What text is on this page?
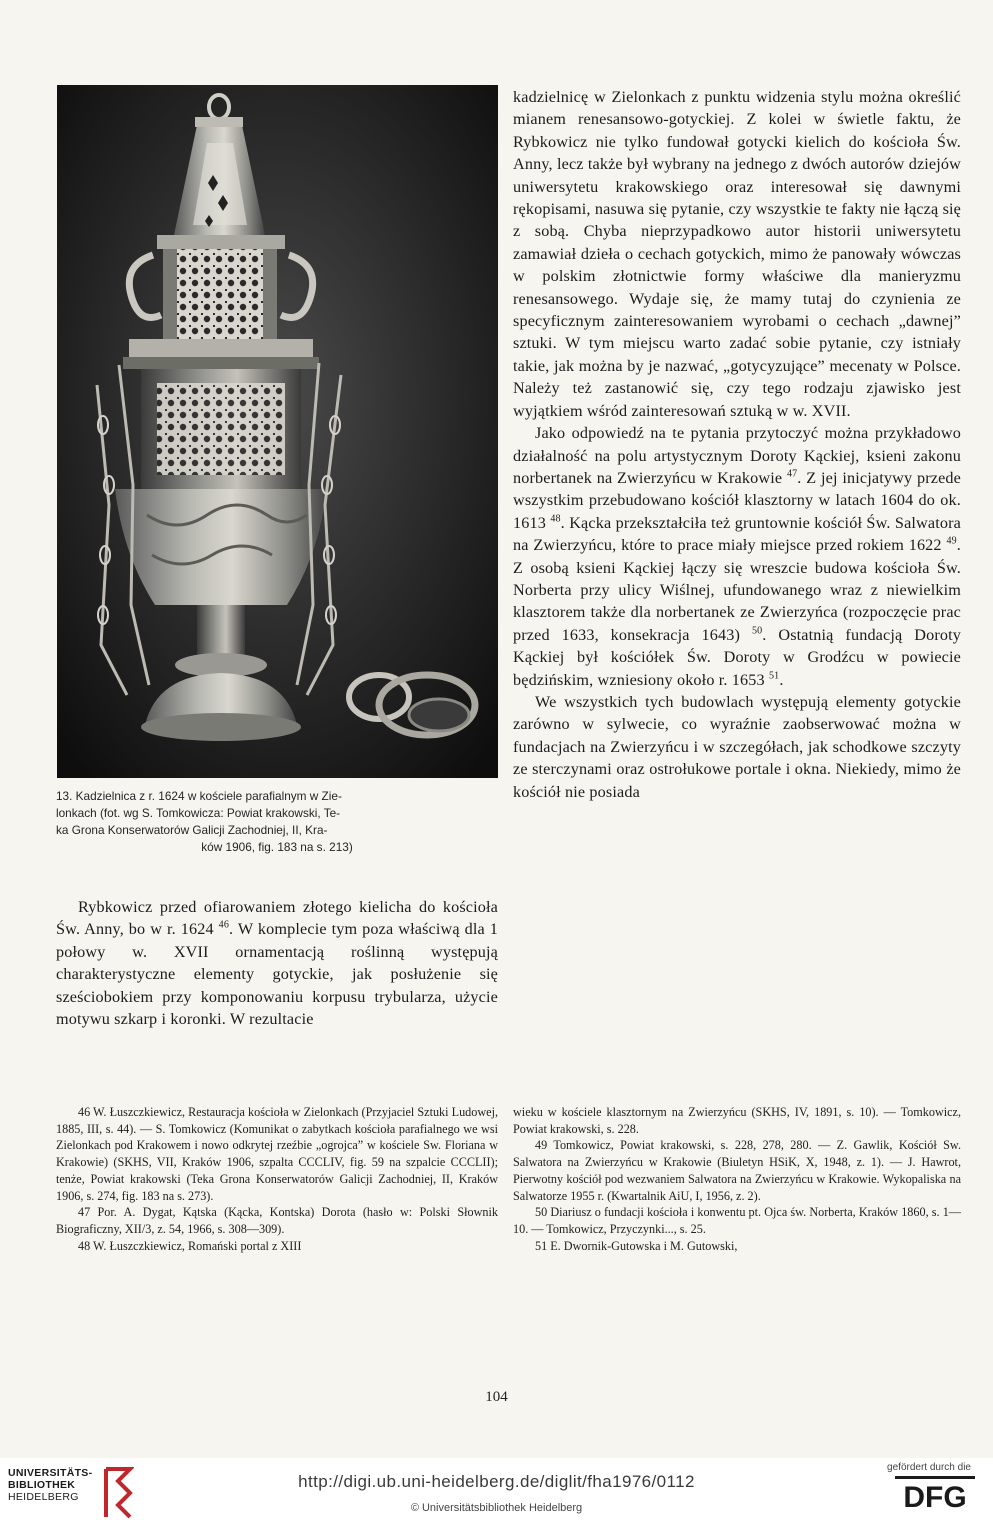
13. Kadzielnica z r. 1624 w kościele parafialnym w Zie-
lonkach (fot. wg S. Tomkowicza: Powiat krakowski, Te-
ka Grona Konserwatorów Galicji Zachodniej, II, Kra-
ków 1906, fig. 183 na s. 213)

Rybkowicz przed ofiarowaniem złotego kielicha do kościoła Św. Anny, bo w r. 1624 $^{46}$. W komplecie tym poza właściwą dla 1 połowy w. XVII ornamentacją roślinną występują charakterystyczne elementy gotyckie, jak posłużenie się sześciobokiem przy komponowaniu korpusu trybularza, użycie motywu szkarp i koronki. W rezultacie

kadzielnicę w Zielonkach z punktu widzenia stylu można określić mianem renesansowo-gotyckiej. Z kolei w świetle faktu, że Rybkowicz nie tylko fundował gotycki kielich do kościoła Św. Anny, lecz także był wybrany na jednego z dwóch autorów dziejów uniwersytetu krakowskiego oraz interesował się dawnymi rękopisami, nasuwa się pytanie, czy wszystkie te fakty nie łączą się z sobą. Chyba nieprzypadkowo autor historii uniwersytetu zamawiał dzieła o cechach gotyckich, mimo że panowały wówczas w polskim złotnictwie formy właściwe dla manieryzmu renesansowego. Wydaje się, że mamy tutaj do czynienia ze specyficznym zainteresowaniem wyrobami o cechach „dawnej” sztuki. W tym miejscu warto zadać sobie pytanie, czy istniały takie, jak można by je nazwać, „gotycyzujące” mecenaty w Polsce. Należy też zastanowić się, czy tego rodzaju zjawisko jest wyjątkiem wśród zainteresowań sztuką w w. XVII.

Jako odpowiedź na te pytania przytoczyć można przykładowo działalność na polu artystycznym Doroty Kąckiej, ksieni zakonu norbertanek na Zwierzyńcu w Krakowie $^{47}$. Z jej inicjatywy przede wszystkim przebudowano kościół klasztorny w latach 1604 do ok. 1613 $^{48}$. Kącka przekształciła też gruntownie kościół Św. Salwatora na Zwierzyńcu, które to prace miały miejsce przed rokiem 1622 $^{49}$. Z osobą ksieni Kąckiej łączy się wreszcie budowa kościoła Św. Norberta przy ulicy Wiślnej, ufundowanego wraz z niewielkim klasztorem także dla norbertanek ze Zwierzyńca (rozpoczęcie prac przed 1633, konsekracja 1643) $^{50}$. Ostatnią fundacją Doroty Kąckiej był kościółek Św. Doroty w Grodźcu w powiecie będzińskim, wzniesiony około r. 1653 $^{51}$.

We wszystkich tych budowlach występują elementy gotyckie zarówno w sylwecie, co wyraźnie zaobserwować można w fundacjach na Zwierzyńcu i w szczegółach, jak schodkowe szczyty ze sterczynami oraz ostrołukowe portale i okna. Niekiedy, mimo że kościół nie posiada

46 W. Łuszczkiewicz, Restauracja kościoła w Zielonkach (Przyjaciel Sztuki Ludowej, 1885, III, s. 44). — S. Tomkowicz (Komunikat o zabytkach kościoła parafialnego we wsi Zielonkach pod Krakowem i nowo odkrytej rzeźbie „ogrojca” w kościele Sw. Floriana w Krakowie) (SKHS, VII, Kraków 1906, szpalta CCCLIV, fig. 59 na szpalcie CCCLII); tenże, Powiat krakowski (Teka Grona Konserwatorów Galicji Zachodniej, II, Kraków 1906, s. 274, fig. 183 na s. 273).

47 Por. A. Dygat, Kątska (Kącka, Kontska) Dorota (hasło w: Polski Słownik Biograficzny, XII/3, z. 54, 1966, s. 308—309).

48 W. Łuszczkiewicz, Romański portal z XIII

wieku w kościele klasztornym na Zwierzyńcu (SKHS, IV, 1891, s. 10). — Tomkowicz, Powiat krakowski, s. 228.

49 Tomkowicz, Powiat krakowski, s. 228, 278, 280. — Z. Gawlik, Kościół Sw. Salwatora na Zwierzyńcu w Krakowie (Biuletyn HSiK, X, 1948, z. 1). — J. Hawrot, Pierwotny kościół pod wezwaniem Salwatora na Zwierzyńcu w Krakowie. Wykopaliska na Salwatorze 1955 r. (Kwartalnik AiU, I, 1956, z. 2).

50 Diariusz o fundacji kościoła i konwentu pt. Ojca św. Norberta, Kraków 1860, s. 1—10. — Tomkowicz, Przyczynki..., s. 25.

51 E. Dwornik-Gutowska i M. Gutowski,

104
UNIVERSITÄTS-
BIBLIOTHEK
HEIDELBERG
http://digi.ub.uni-heidelberg.de/diglit/fha1976/0112
© Universitätsbibliothek Heidelberg
gefördert durch die
DFG
